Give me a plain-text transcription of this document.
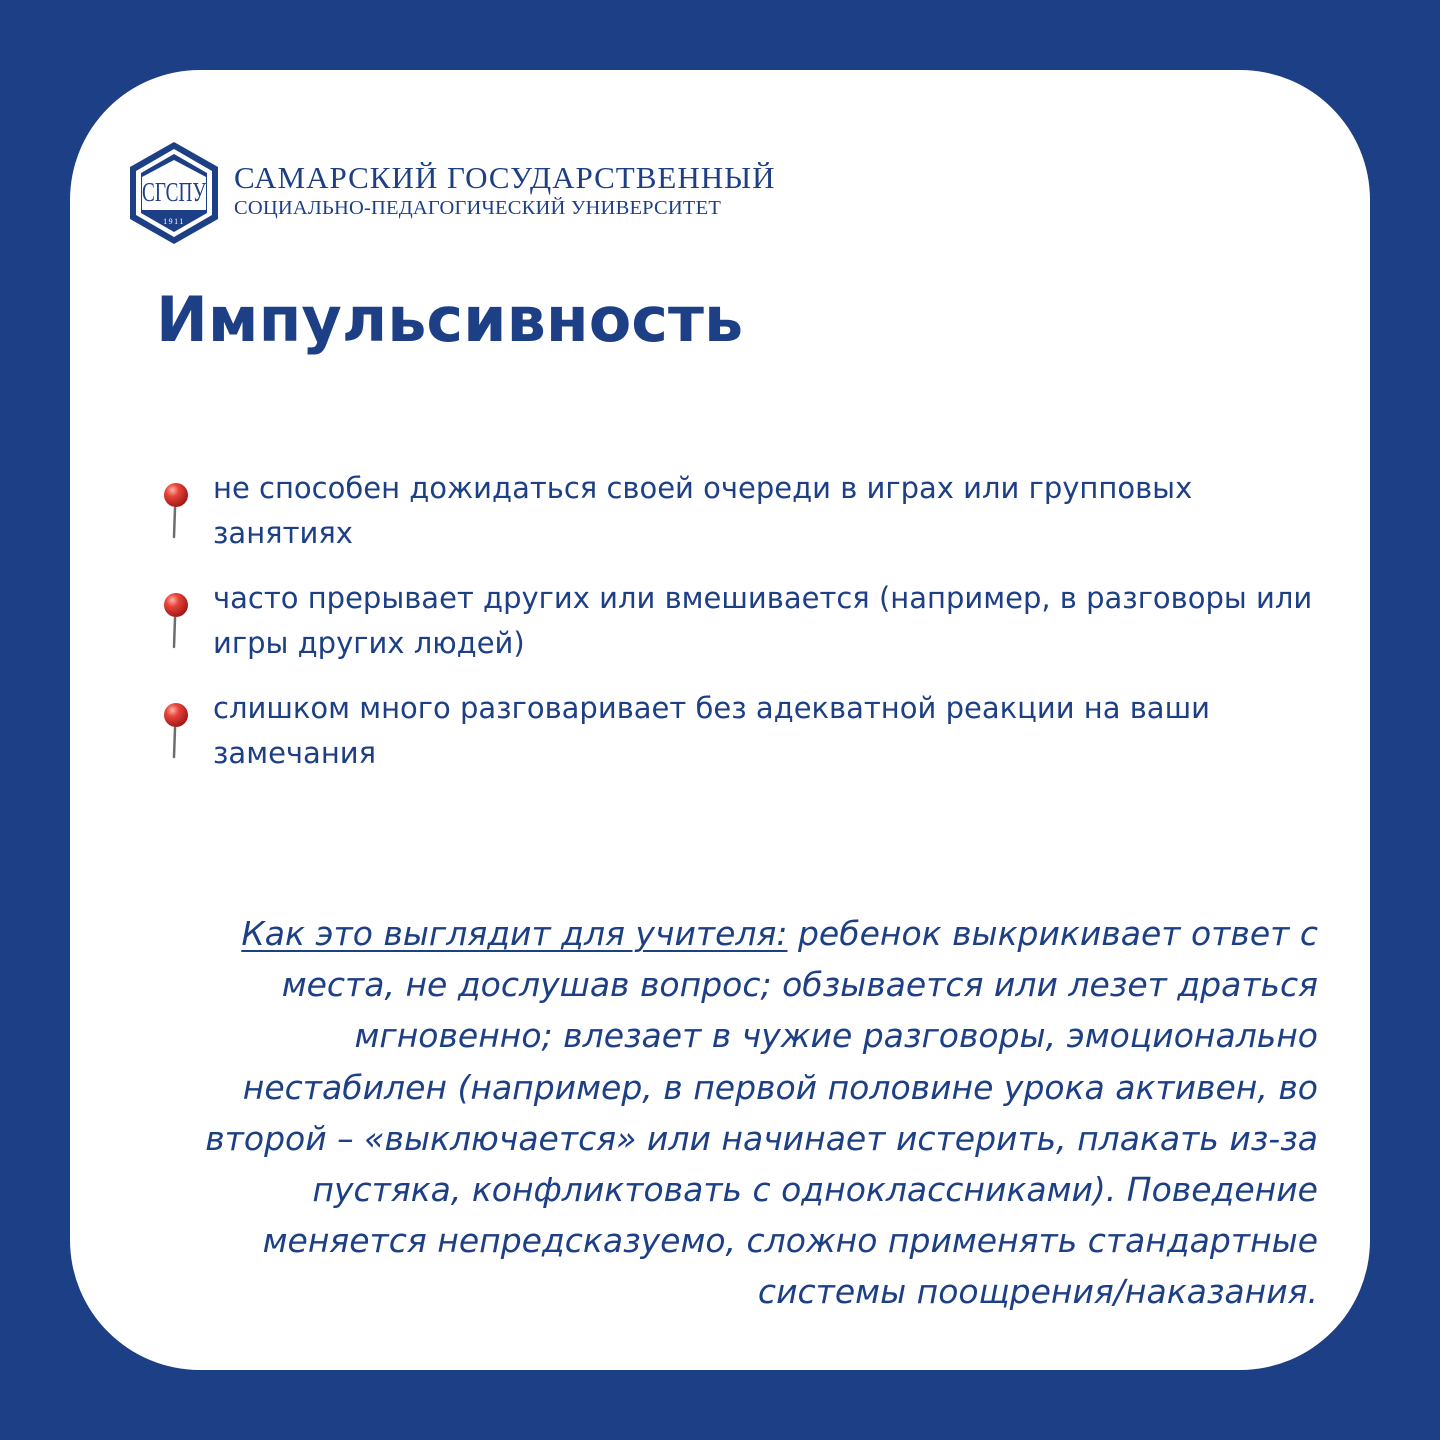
СГСПУ
1911
САМАРСКИЙ ГОСУДАРСТВЕННЫЙ
СОЦИАЛЬНО-ПЕДАГОГИЧЕСКИЙ УНИВЕРСИТЕТ
Импульсивность
не способен дожидаться своей очереди в играх или групповых занятиях
часто прерывает других или вмешивается (например, в разговоры или игры других людей)
слишком много разговаривает без адекватной реакции на ваши замечания

Как это выглядит для учителя: ребенок выкрикивает ответ с места, не дослушав вопрос; обзывается или лезет драться мгновенно; влезает в чужие разговоры, эмоционально нестабилен (например, в первой половине урока активен, во второй – «выключается» или начинает истерить, плакать из-за пустяка, конфликтовать с одноклассниками). Поведение меняется непредсказуемо, сложно применять стандартные системы поощрения/наказания.
